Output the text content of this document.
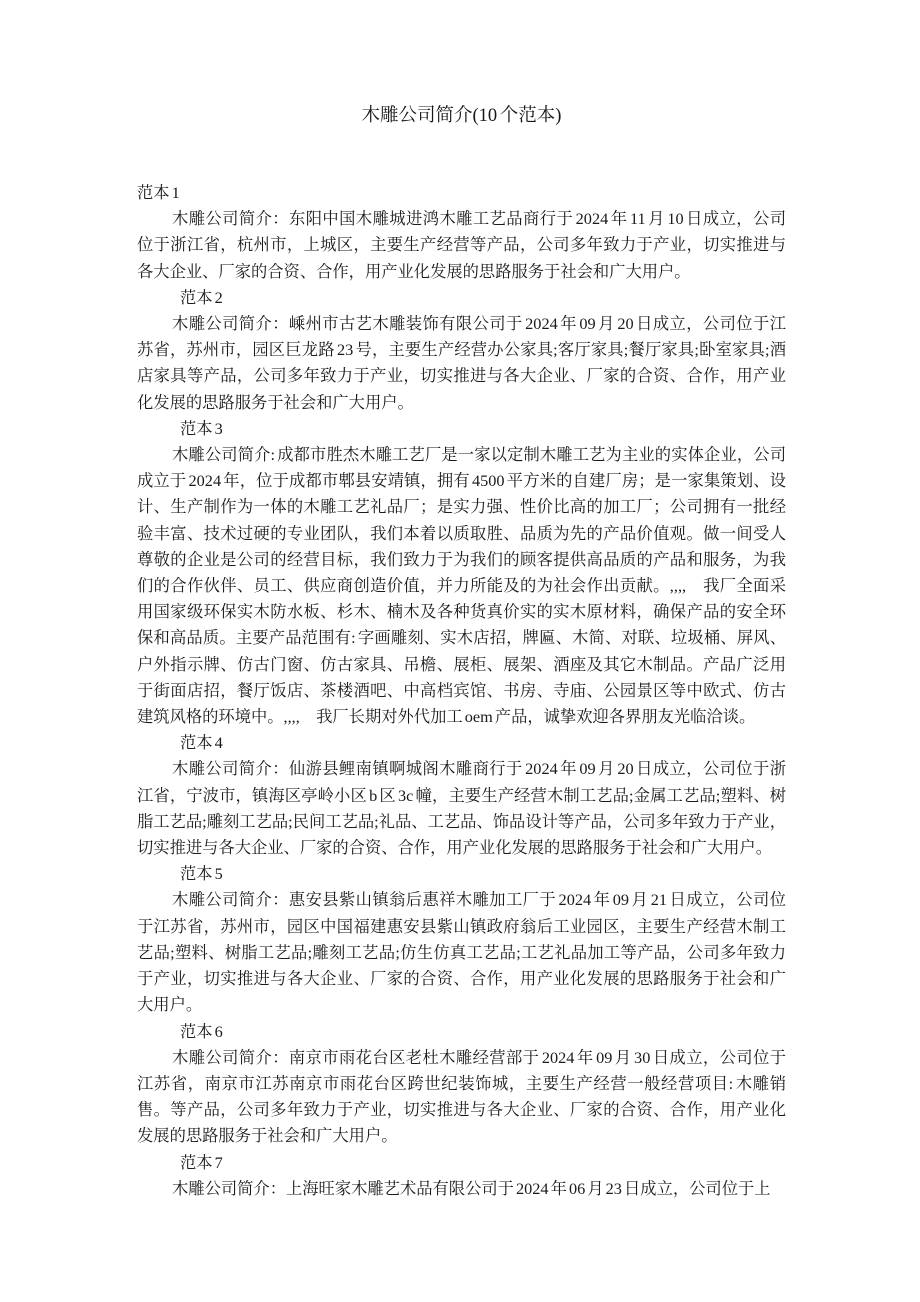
木雕公司简介(10 个范本)

范本 1

木雕公司简介：东阳中国木雕城进鸿木雕工艺品商行于 2024 年 11 月 10 日成立，公司位于浙江省，杭州市，上城区，主要生产经营等产品，公司多年致力于产业，切实推进与各大企业、厂家的合资、合作，用产业化发展的思路服务于社会和广大用户。

范本 2

木雕公司简介：嵊州市古艺木雕装饰有限公司于 2024 年 09 月 20 日成立，公司位于江苏省，苏州市，园区巨龙路 23 号，主要生产经营办公家具;客厅家具;餐厅家具;卧室家具;酒店家具等产品，公司多年致力于产业，切实推进与各大企业、厂家的合资、合作，用产业化发展的思路服务于社会和广大用户。

范本 3

木雕公司简介: 成都市胜杰木雕工艺厂是一家以定制木雕工艺为主业的实体企业，公司成立于 2024 年，位于成都市郫县安靖镇，拥有 4500 平方米的自建厂房；是一家集策划、设计、生产制作为一体的木雕工艺礼品厂；是实力强、性价比高的加工厂；公司拥有一批经验丰富、技术过硬的专业团队，我们本着以质取胜、品质为先的产品价值观。做一间受人尊敬的企业是公司的经营目标，我们致力于为我们的顾客提供高品质的产品和服务，为我们的合作伙伴、员工、供应商创造价值，并力所能及的为社会作出贡献。,,,,　我厂全面采用国家级环保实木防水板、杉木、楠木及各种货真价实的实木原材料，确保产品的安全环保和高品质。主要产品范围有: 字画雕刻、实木店招，牌匾、木简、对联、垃圾桶、屏风、户外指示牌、仿古门窗、仿古家具、吊檐、展柜、展架、酒座及其它木制品。产品广泛用于街面店招，餐厅饭店、茶楼酒吧、中高档宾馆、书房、寺庙、公园景区等中欧式、仿古建筑风格的环境中。,,,,　我厂长期对外代加工 oem 产品，诚挚欢迎各界朋友光临洽谈。

范本 4

木雕公司简介：仙游县鲤南镇啊城阁木雕商行于 2024 年 09 月 20 日成立，公司位于浙江省，宁波市，镇海区亭岭小区 b 区 3c 幢，主要生产经营木制工艺品;金属工艺品;塑料、树脂工艺品;雕刻工艺品;民间工艺品;礼品、工艺品、饰品设计等产品，公司多年致力于产业，切实推进与各大企业、厂家的合资、合作，用产业化发展的思路服务于社会和广大用户。

范本 5

木雕公司简介：惠安县紫山镇翁后惠祥木雕加工厂于 2024 年 09 月 21 日成立，公司位于江苏省，苏州市，园区中国福建惠安县紫山镇政府翁后工业园区，主要生产经营木制工艺品;塑料、树脂工艺品;雕刻工艺品;仿生仿真工艺品;工艺礼品加工等产品，公司多年致力于产业，切实推进与各大企业、厂家的合资、合作，用产业化发展的思路服务于社会和广大用户。

范本 6

木雕公司简介：南京市雨花台区老杜木雕经营部于 2024 年 09 月 30 日成立，公司位于江苏省，南京市江苏南京市雨花台区跨世纪装饰城，主要生产经营一般经营项目: 木雕销售。等产品，公司多年致力于产业，切实推进与各大企业、厂家的合资、合作，用产业化发展的思路服务于社会和广大用户。

范本 7

木雕公司简介：上海旺家木雕艺术品有限公司于 2024 年 06 月 23 日成立，公司位于上
